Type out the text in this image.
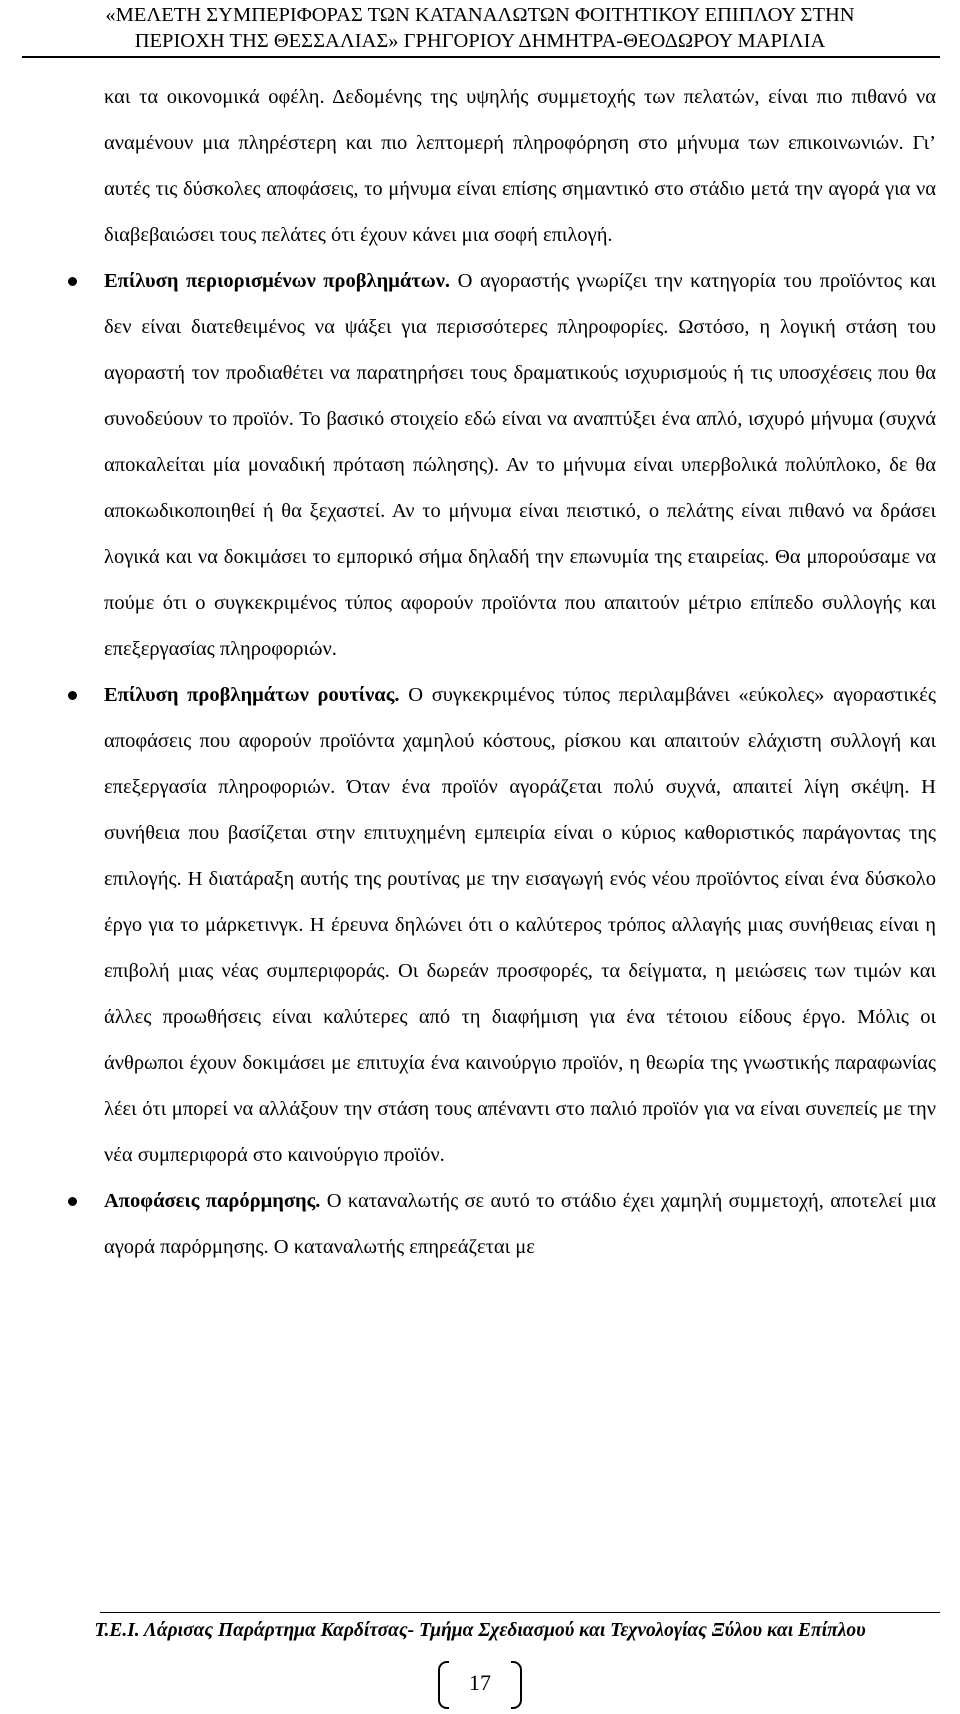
«ΜΕΛΕΤΗ ΣΥΜΠΕΡΙΦΟΡΑΣ ΤΩΝ ΚΑΤΑΝΑΛΩΤΩΝ ΦΟΙΤΗΤΙΚΟΥ ΕΠΙΠΛΟΥ ΣΤΗΝ
ΠΕΡΙΟΧΗ ΤΗΣ ΘΕΣΣΑΛΙΑΣ» ΓΡΗΓΟΡΙΟΥ ΔΗΜΗΤΡΑ-ΘΕΟΔΩΡΟΥ ΜΑΡΙΛΙΑ

και τα οικονομικά οφέλη. Δεδομένης της υψηλής συμμετοχής των πελατών, είναι πιο πιθανό να αναμένουν μια πληρέστερη και πιο λεπτομερή πληροφόρηση στο μήνυμα των επικοινωνιών. Γι’ αυτές τις δύσκολες αποφάσεις, το μήνυμα είναι επίσης σημαντικό στο στάδιο μετά την αγορά για να διαβεβαιώσει τους πελάτες ότι έχουν κάνει μια σοφή επιλογή.

Επίλυση περιορισμένων προβλημάτων. Ο αγοραστής γνωρίζει την κατηγορία του προϊόντος και δεν είναι διατεθειμένος να ψάξει για περισσότερες πληροφορίες. Ωστόσο, η λογική στάση του αγοραστή τον προδιαθέτει να παρατηρήσει τους δραματικούς ισχυρισμούς ή τις υποσχέσεις που θα συνοδεύουν το προϊόν. Το βασικό στοιχείο εδώ είναι να αναπτύξει ένα απλό, ισχυρό μήνυμα (συχνά αποκαλείται μία μοναδική πρόταση πώλησης). Αν το μήνυμα είναι υπερβολικά πολύπλοκο, δε θα αποκωδικοποιηθεί ή θα ξεχαστεί. Αν το μήνυμα είναι πειστικό, ο πελάτης είναι πιθανό να δράσει λογικά και να δοκιμάσει το εμπορικό σήμα δηλαδή την επωνυμία της εταιρείας. Θα μπορούσαμε να πούμε ότι ο συγκεκριμένος τύπος αφορούν προϊόντα που απαιτούν μέτριο επίπεδο συλλογής και επεξεργασίας πληροφοριών.

Επίλυση προβλημάτων ρουτίνας. Ο συγκεκριμένος τύπος περιλαμβάνει «εύκολες» αγοραστικές αποφάσεις που αφορούν προϊόντα χαμηλού κόστους, ρίσκου και απαιτούν ελάχιστη συλλογή και επεξεργασία πληροφοριών. Όταν ένα προϊόν αγοράζεται πολύ συχνά, απαιτεί λίγη σκέψη. Η συνήθεια που βασίζεται στην επιτυχημένη εμπειρία είναι ο κύριος καθοριστικός παράγοντας της επιλογής. Η διατάραξη αυτής της ρουτίνας με την εισαγωγή ενός νέου προϊόντος είναι ένα δύσκολο έργο για το μάρκετινγκ. Η έρευνα δηλώνει ότι ο καλύτερος τρόπος αλλαγής μιας συνήθειας είναι η επιβολή μιας νέας συμπεριφοράς. Οι δωρεάν προσφορές, τα δείγματα, η μειώσεις των τιμών και άλλες προωθήσεις είναι καλύτερες από τη διαφήμιση για ένα τέτοιου είδους έργο. Μόλις οι άνθρωποι έχουν δοκιμάσει με επιτυχία ένα καινούργιο προϊόν, η θεωρία της γνωστικής παραφωνίας λέει ότι μπορεί να αλλάξουν την στάση τους απέναντι στο παλιό προϊόν για να είναι συνεπείς με την νέα συμπεριφορά στο καινούργιο προϊόν.

Αποφάσεις παρόρμησης. Ο καταναλωτής σε αυτό το στάδιο έχει χαμηλή συμμετοχή, αποτελεί μια αγορά παρόρμησης. Ο καταναλωτής επηρεάζεται με

Τ.Ε.Ι. Λάρισας Παράρτημα Καρδίτσας- Τμήμα Σχεδιασμού και Τεχνολογίας Ξύλου και Επίπλου
17
